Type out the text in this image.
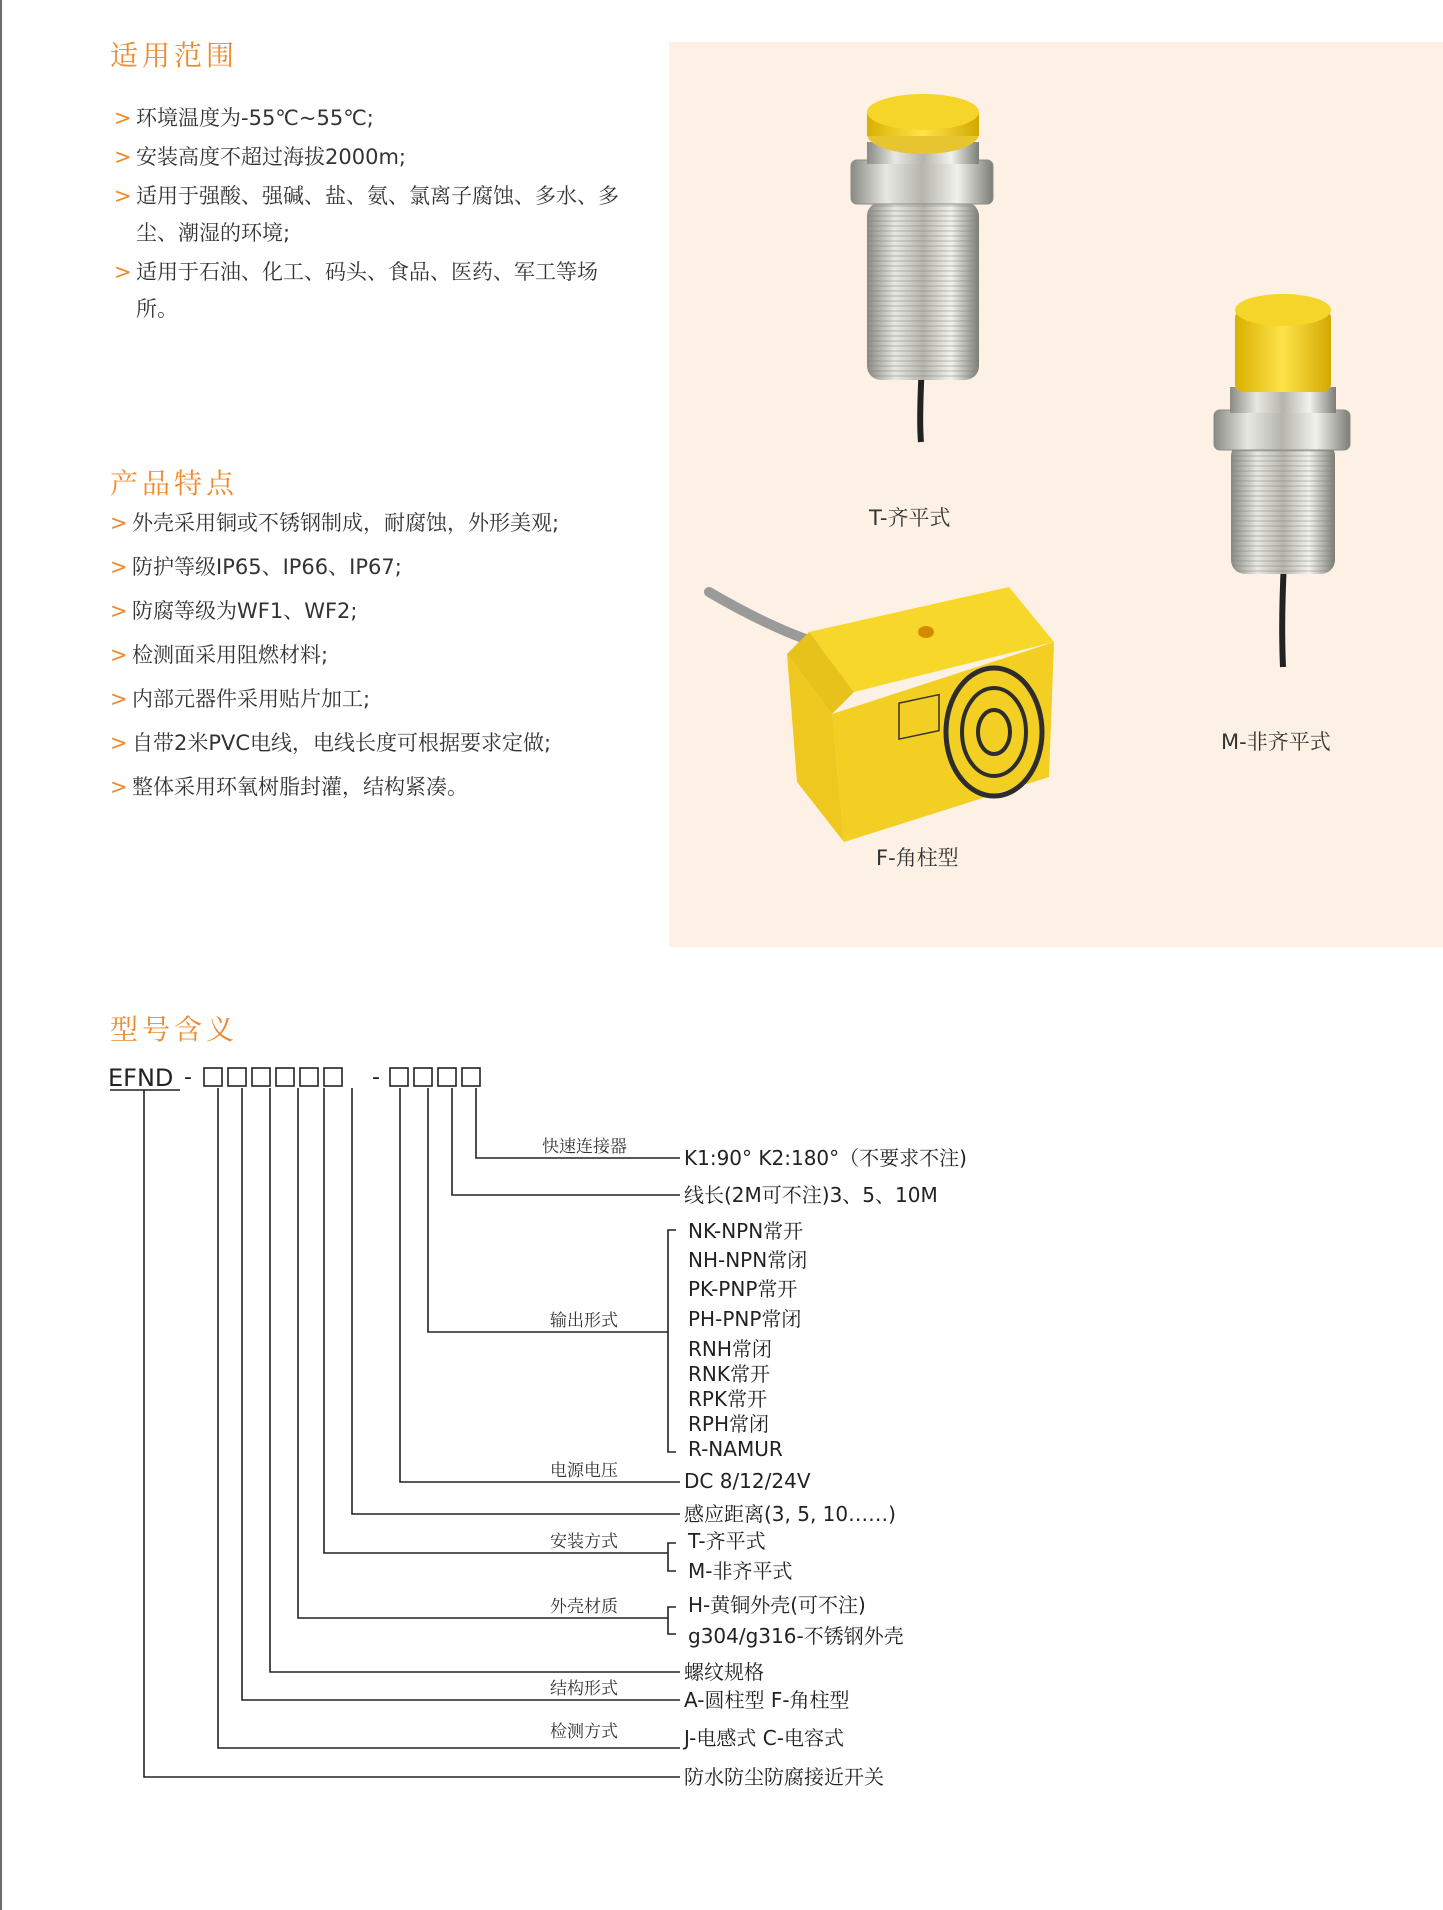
适用范围
> 环境温度为-55℃~55℃;
> 安装高度不超过海拔2000m;
> 适用于强酸、强碱、盐、氨、氯离子腐蚀、多水、多尘、潮湿的环境;
> 适用于石油、化工、码头、食品、医药、军工等场所。
产品特点
> 外壳采用铜或不锈钢制成，耐腐蚀，外形美观;
> 防护等级IP65、IP66、IP67;
> 防腐等级为WF1、WF2;
> 检测面采用阻燃材料;
> 内部元器件采用贴片加工;
> 自带2米PVC电线，电线长度可根据要求定做;
> 整体采用环氧树脂封灌，结构紧凑。
T-齐平式
M-非齐平式
F-角柱型
型号含义
EFND -	-
快速连接器
输出形式
电源电压
安装方式
外壳材质
结构形式
检测方式
K1:90° K2:180°（不要求不注)
线长(2M可不注)3、5、10M
NK-NPN常开
NH-NPN常闭
PK-PNP常开
PH-PNP常闭
RNH常闭
RNK常开
RPK常开
RPH常闭
R-NAMUR
DC 8/12/24V
感应距离(3, 5, 10……)
T-齐平式
M-非齐平式
H-黄铜外壳(可不注)
g304/g316-不锈钢外壳
螺纹规格
A-圆柱型 F-角柱型
J-电感式 C-电容式
防水防尘防腐接近开关
